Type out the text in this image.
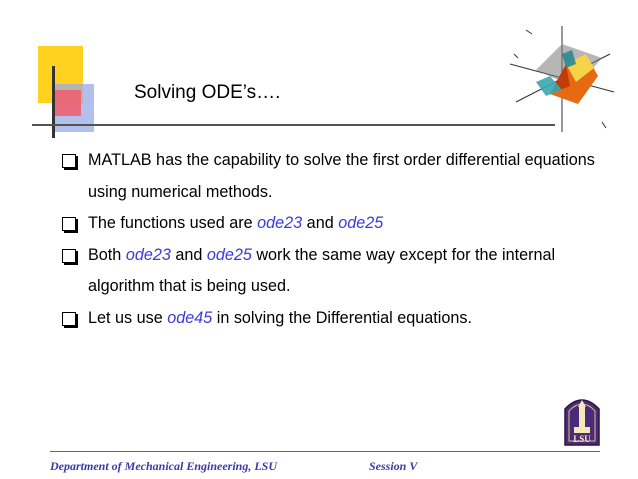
Solving ODE’s….
MATLAB has the capability to solve the first order differential equations using numerical methods.
The functions used are ode23 and ode25
Both ode23 and ode25 work the same way except for the internal algorithm that is being used.
Let us use ode45 in solving the Differential equations.
LSU
Department of Mechanical Engineering, LSU	Session V
